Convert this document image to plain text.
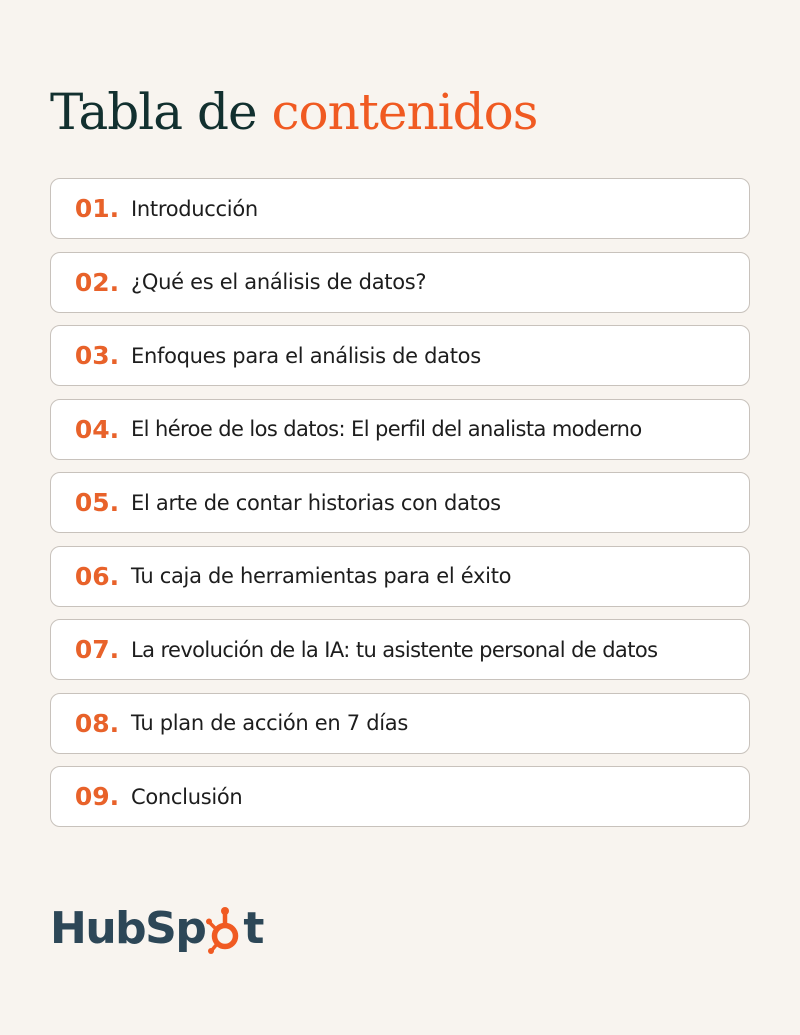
Tabla de contenidos
01. Introducción
02. ¿Qué es el análisis de datos?
03. Enfoques para el análisis de datos
04. El héroe de los datos: El perfil del analista moderno
05. El arte de contar historias con datos
06. Tu caja de herramientas para el éxito
07. La revolución de la IA: tu asistente personal de datos
08. Tu plan de acción en 7 días
09. Conclusión
HubSp t
